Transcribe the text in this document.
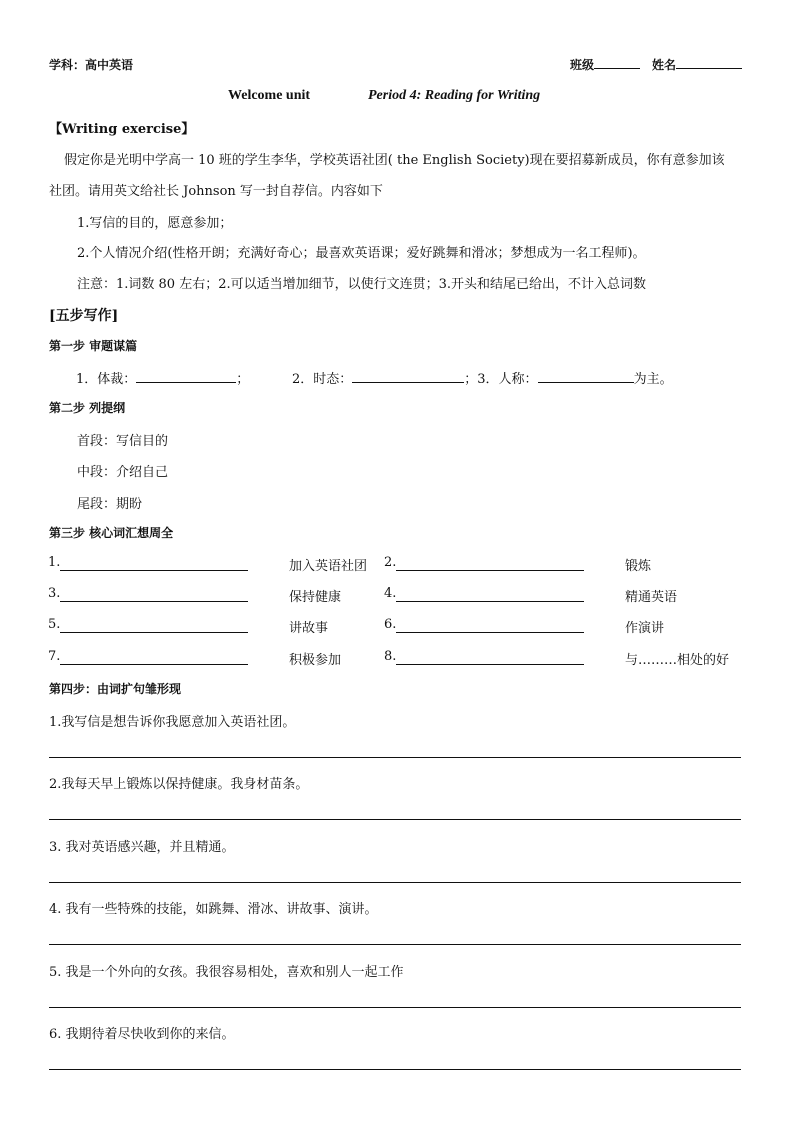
学科：高中英语	班级	姓名
Welcome unit	Period 4: Reading for Writing
【Writing exercise】
假定你是光明中学高一 10 班的学生李华，学校英语社团( the English Society)现在要招募新成员，你有意参加该
社团。请用英文给社长 Johnson 写一封自荐信。内容如下
1.写信的目的，愿意参加；
2.个人情况介绍(性格开朗；充满好奇心；最喜欢英语课；爱好跳舞和滑冰；梦想成为一名工程师)。
注意：1.词数 80 左右；2.可以适当增加细节，以使行文连贯；3.开头和结尾已给出，不计入总词数
[五步写作]
第一步 审题谋篇
1．体裁：	；	2．时态：	；3．人称：	为主。
第二步 列提纲
首段：写信目的
中段：介绍自己
尾段：期盼
第三步 核心词汇想周全
1.	加入英语社团 2.	锻炼
3.	保持健康	4.	精通英语
5.	讲故事	6.	作演讲
7.	积极参加	8.	与………相处的好
第四步：由词扩句雏形现
1.我写信是想告诉你我愿意加入英语社团。
2.我每天早上锻炼以保持健康。我身材苗条。
3. 我对英语感兴趣，并且精通。
4. 我有一些特殊的技能，如跳舞、滑冰、讲故事、演讲。
5. 我是一个外向的女孩。我很容易相处，喜欢和别人一起工作
6. 我期待着尽快收到你的来信。
